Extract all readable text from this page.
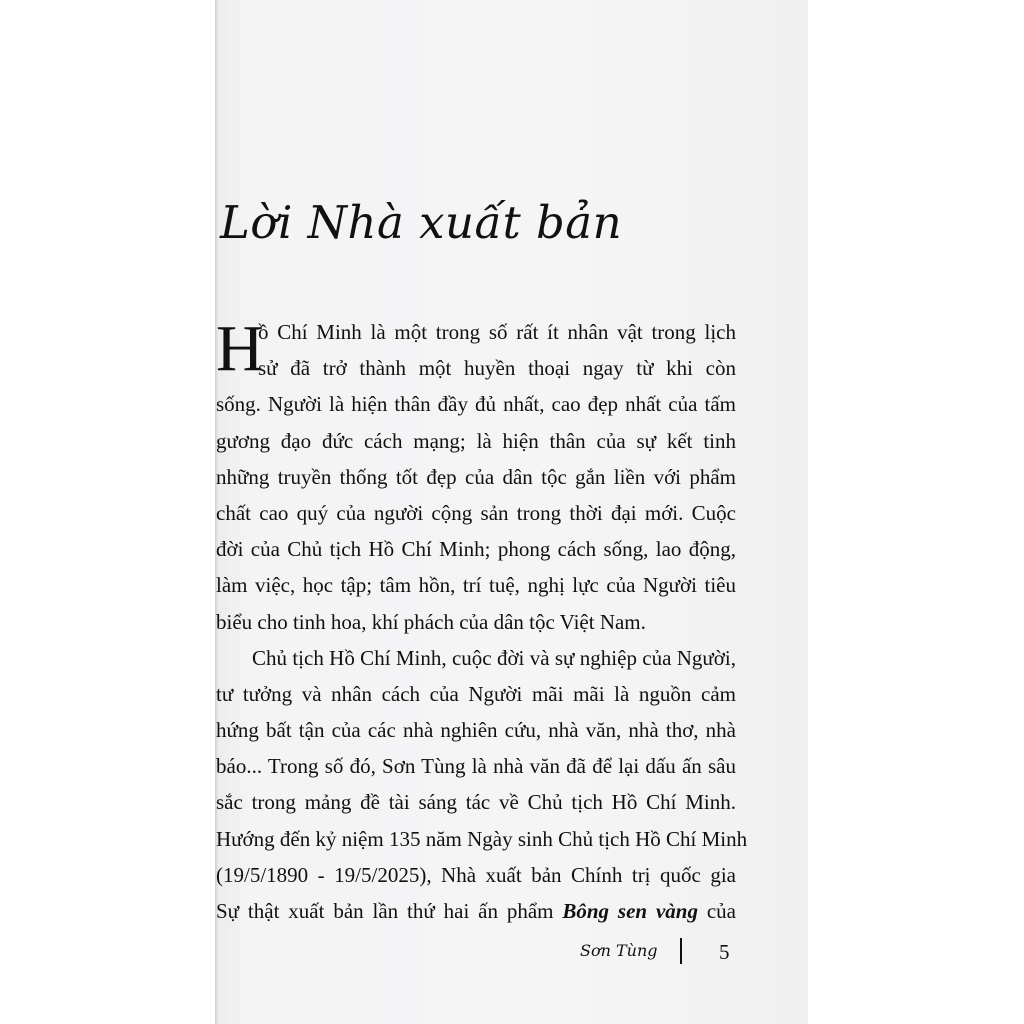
Lời Nhà xuất bản
H
ồ Chí Minh là một trong số rất ít nhân vật trong lịch
sử đã trở thành một huyền thoại ngay từ khi còn
sống. Người là hiện thân đầy đủ nhất, cao đẹp nhất của tấm
gương đạo đức cách mạng; là hiện thân của sự kết tinh
những truyền thống tốt đẹp của dân tộc gắn liền với phẩm
chất cao quý của người cộng sản trong thời đại mới. Cuộc
đời của Chủ tịch Hồ Chí Minh; phong cách sống, lao động,
làm việc, học tập; tâm hồn, trí tuệ, nghị lực của Người tiêu
biểu cho tinh hoa, khí phách của dân tộc Việt Nam.
Chủ tịch Hồ Chí Minh, cuộc đời và sự nghiệp của Người,
tư tưởng và nhân cách của Người mãi mãi là nguồn cảm
hứng bất tận của các nhà nghiên cứu, nhà văn, nhà thơ, nhà
báo... Trong số đó, Sơn Tùng là nhà văn đã để lại dấu ấn sâu
sắc trong mảng đề tài sáng tác về Chủ tịch Hồ Chí Minh.
Hướng đến kỷ niệm 135 năm Ngày sinh Chủ tịch Hồ Chí Minh
(19/5/1890 - 19/5/2025), Nhà xuất bản Chính trị quốc gia
Sự thật xuất bản lần thứ hai ấn phẩm Bông sen vàng của
Sơn Tùng	5
